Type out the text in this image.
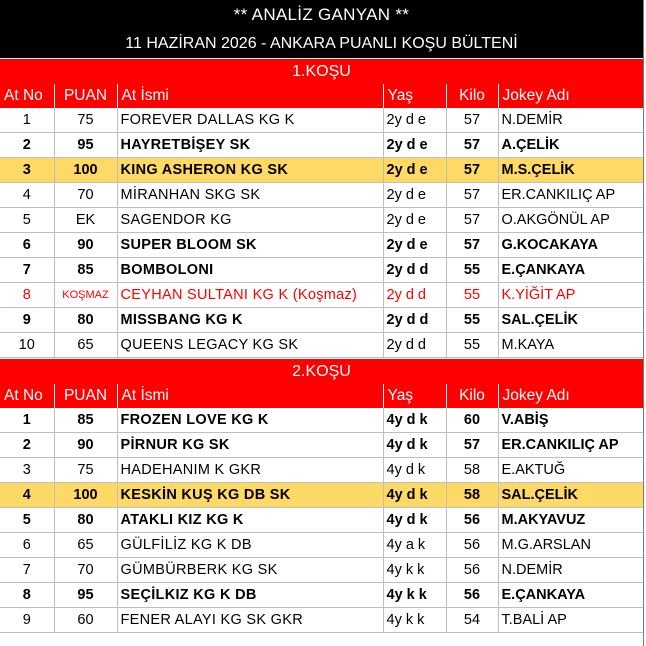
** ANALİZ GANYAN **
11 HAZİRAN 2026 - ANKARA PUANLI KOŞU BÜLTENİ
1.KOŞU
At No	PUAN	At İsmi	Yaş	Kilo	Jokey Adı
1	75	FOREVER DALLAS KG K	2y d e	57	N.DEMİR
2	95	HAYRETBİŞEY SK	2y d e	57	A.ÇELİK
3	100	KING ASHERON KG SK	2y d e	57	M.S.ÇELİK
4	70	MİRANHAN SKG SK	2y d e	57	ER.CANKILIÇ AP
5	EK	SAGENDOR KG	2y d e	57	O.AKGÖNÜL AP
6	90	SUPER BLOOM SK	2y d e	57	G.KOCAKAYA
7	85	BOMBOLONI	2y d d	55	E.ÇANKAYA
8	KOŞMAZ	CEYHAN SULTANI KG K (Koşmaz)	2y d d	55	K.YİĞİT AP
9	80	MISSBANG KG K	2y d d	55	SAL.ÇELİK
10	65	QUEENS LEGACY KG SK	2y d d	55	M.KAYA
2.KOŞU
At No	PUAN	At İsmi	Yaş	Kilo	Jokey Adı
1	85	FROZEN LOVE KG K	4y d k	60	V.ABİŞ
2	90	PİRNUR KG SK	4y d k	57	ER.CANKILIÇ AP
3	75	HADEHANIM K GKR	4y d k	58	E.AKTUĞ
4	100	KESKİN KUŞ KG DB SK	4y d k	58	SAL.ÇELİK
5	80	ATAKLI KIZ KG K	4y d k	56	M.AKYAVUZ
6	65	GÜLFİLİZ KG K DB	4y a k	56	M.G.ARSLAN
7	70	GÜMBÜRBERK KG SK	4y k k	56	N.DEMİR
8	95	SEÇİLKIZ KG K DB	4y k k	56	E.ÇANKAYA
9	60	FENER ALAYI KG SK GKR	4y k k	54	T.BALİ AP
